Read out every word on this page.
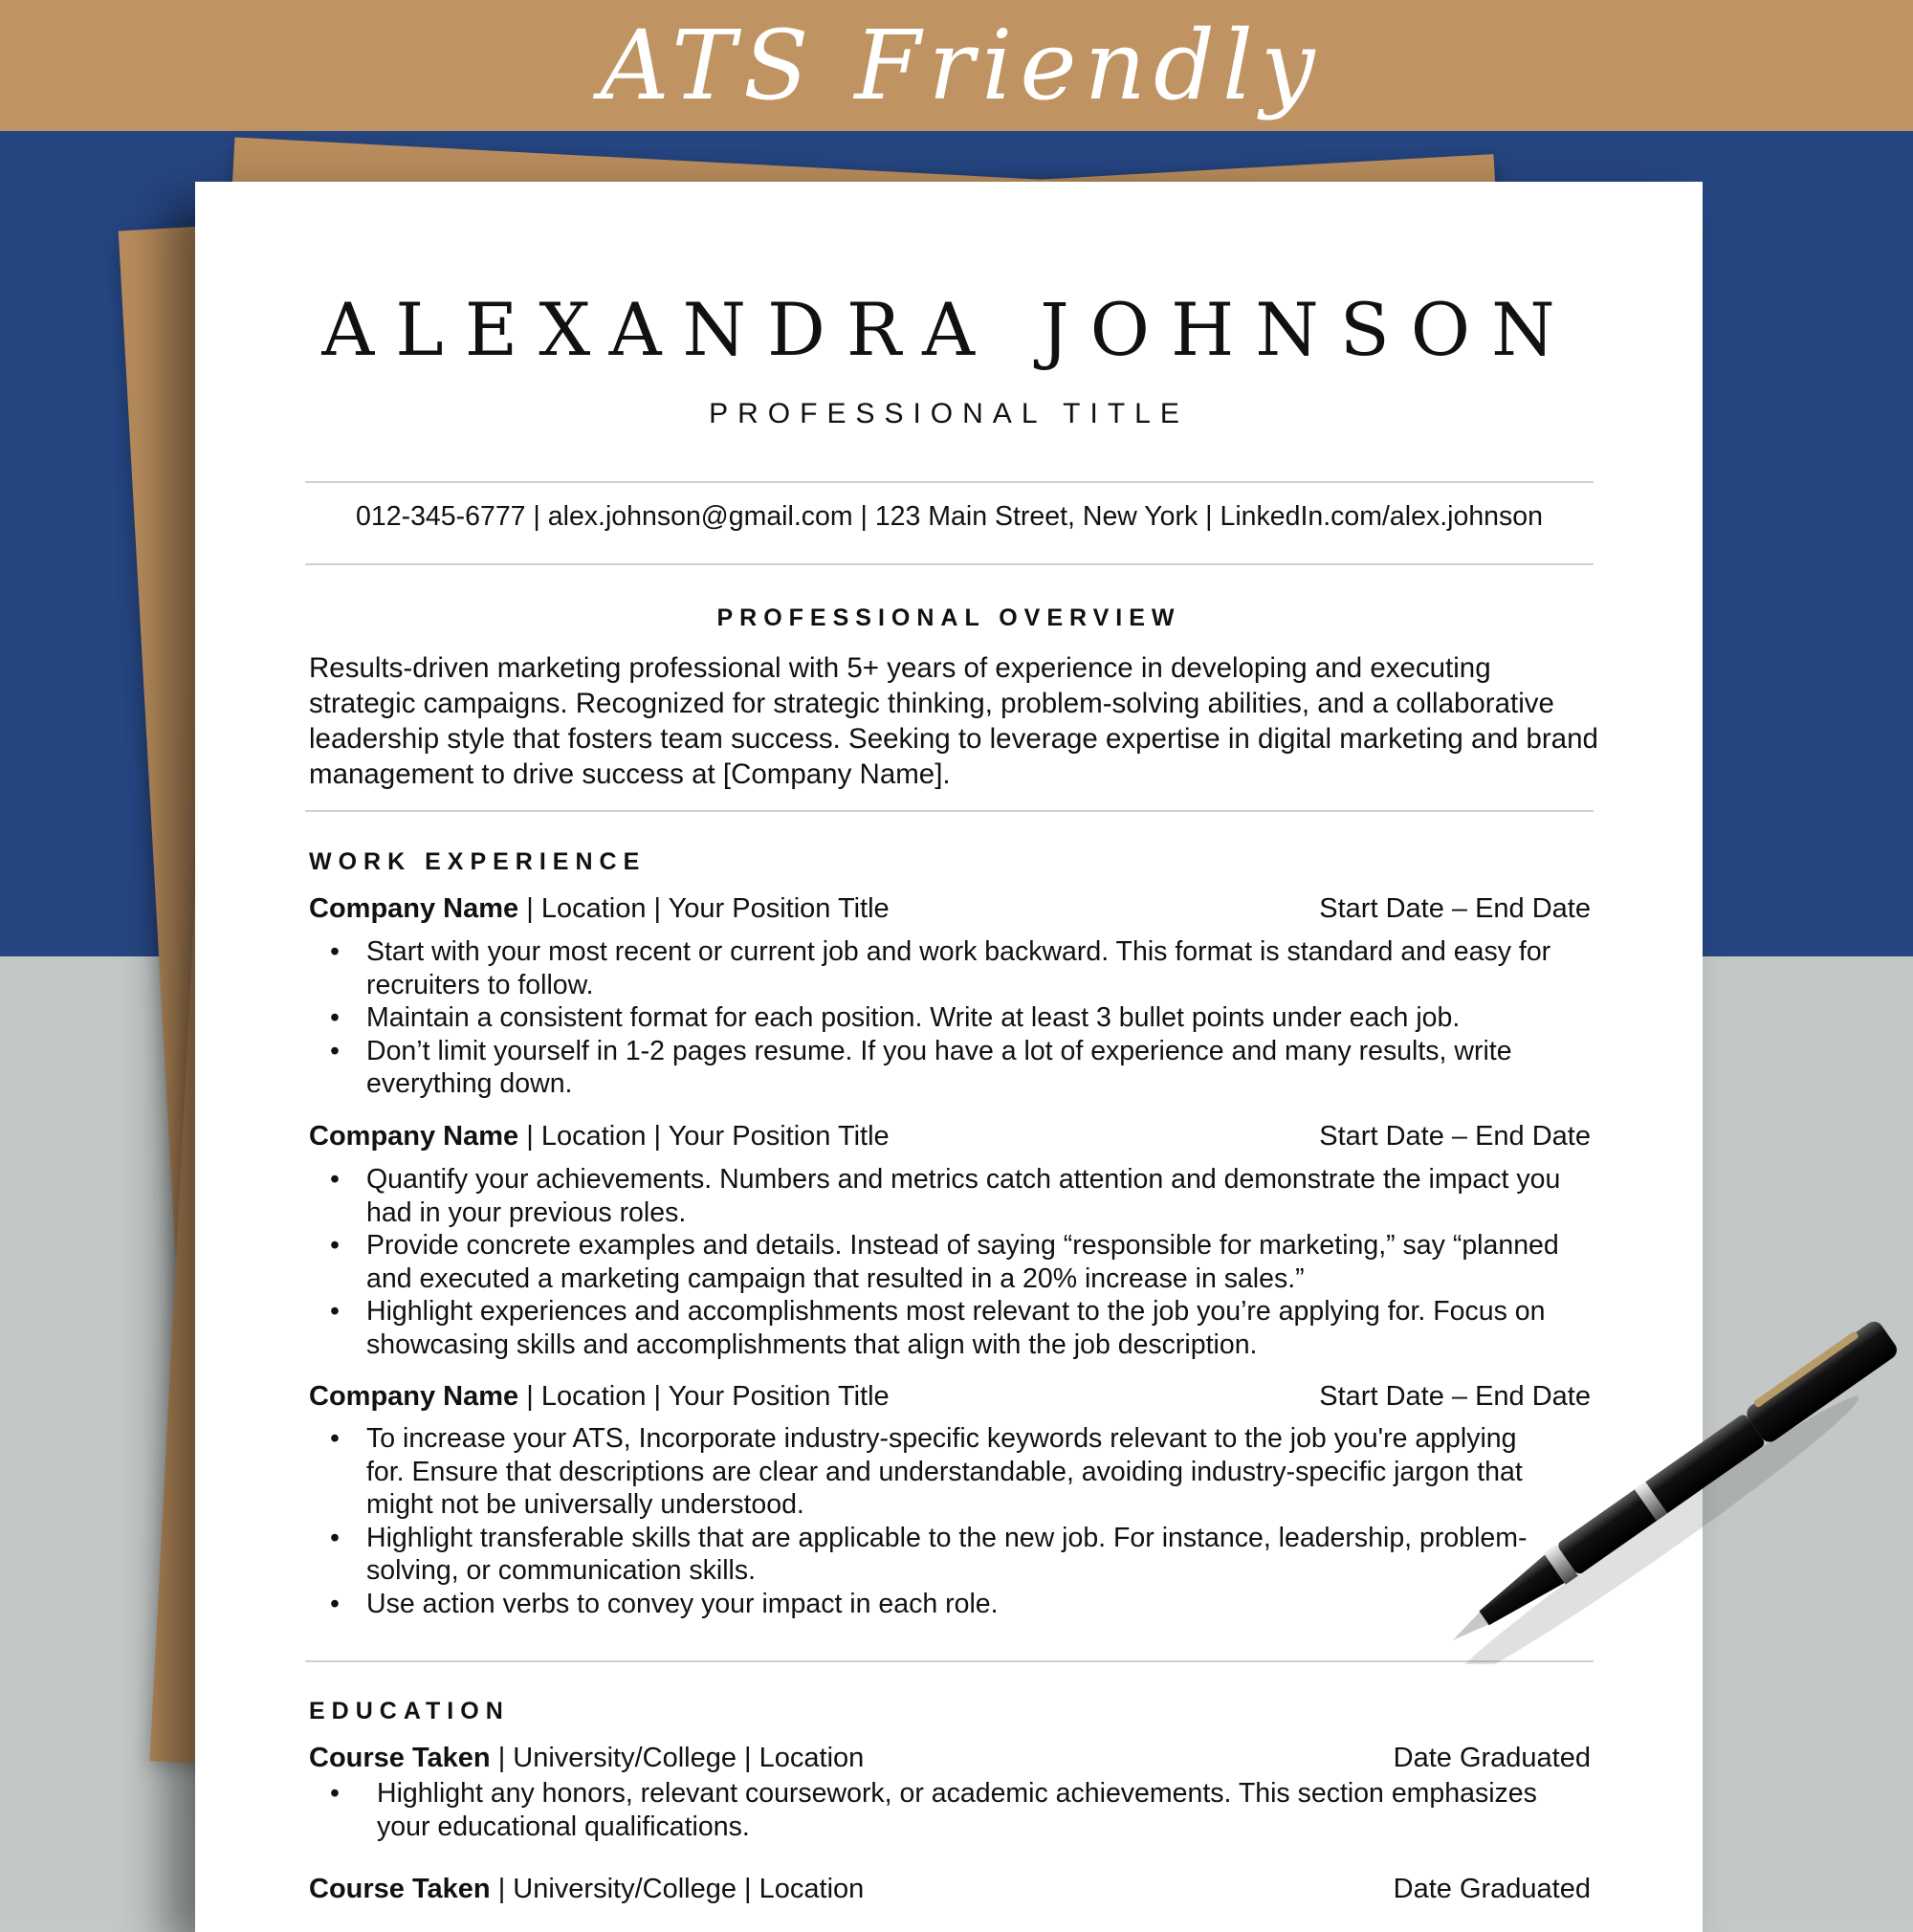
ATS Friendly
ALEXANDRA JOHNSON
PROFESSIONAL TITLE
012-345-6777 | alex.johnson@gmail.com | 123 Main Street, New York | LinkedIn.com/alex.johnson
PROFESSIONAL OVERVIEW
Results-driven marketing professional with 5+ years of experience in developing and executing strategic campaigns. Recognized for strategic thinking, problem-solving abilities, and a collaborative leadership style that fosters team success. Seeking to leverage expertise in digital marketing and brand management to drive success at [Company Name].
WORK EXPERIENCE
Company Name | Location | Your Position Title	Start Date – End Date
• Start with your most recent or current job and work backward. This format is standard and easy for recruiters to follow.
• Maintain a consistent format for each position. Write at least 3 bullet points under each job.
• Don’t limit yourself in 1-2 pages resume. If you have a lot of experience and many results, write everything down.
Company Name | Location | Your Position Title	Start Date – End Date
• Quantify your achievements. Numbers and metrics catch attention and demonstrate the impact you had in your previous roles.
• Provide concrete examples and details. Instead of saying “responsible for marketing,” say “planned and executed a marketing campaign that resulted in a 20% increase in sales.”
• Highlight experiences and accomplishments most relevant to the job you’re applying for. Focus on showcasing skills and accomplishments that align with the job description.
Company Name | Location | Your Position Title	Start Date – End Date
• To increase your ATS, Incorporate industry-specific keywords relevant to the job you're applying for. Ensure that descriptions are clear and understandable, avoiding industry-specific jargon that might not be universally understood.
• Highlight transferable skills that are applicable to the new job. For instance, leadership, problem-solving, or communication skills.
• Use action verbs to convey your impact in each role.
EDUCATION
Course Taken | University/College | Location	Date Graduated
• Highlight any honors, relevant coursework, or academic achievements. This section emphasizes your educational qualifications.
Course Taken | University/College | Location	Date Graduated
